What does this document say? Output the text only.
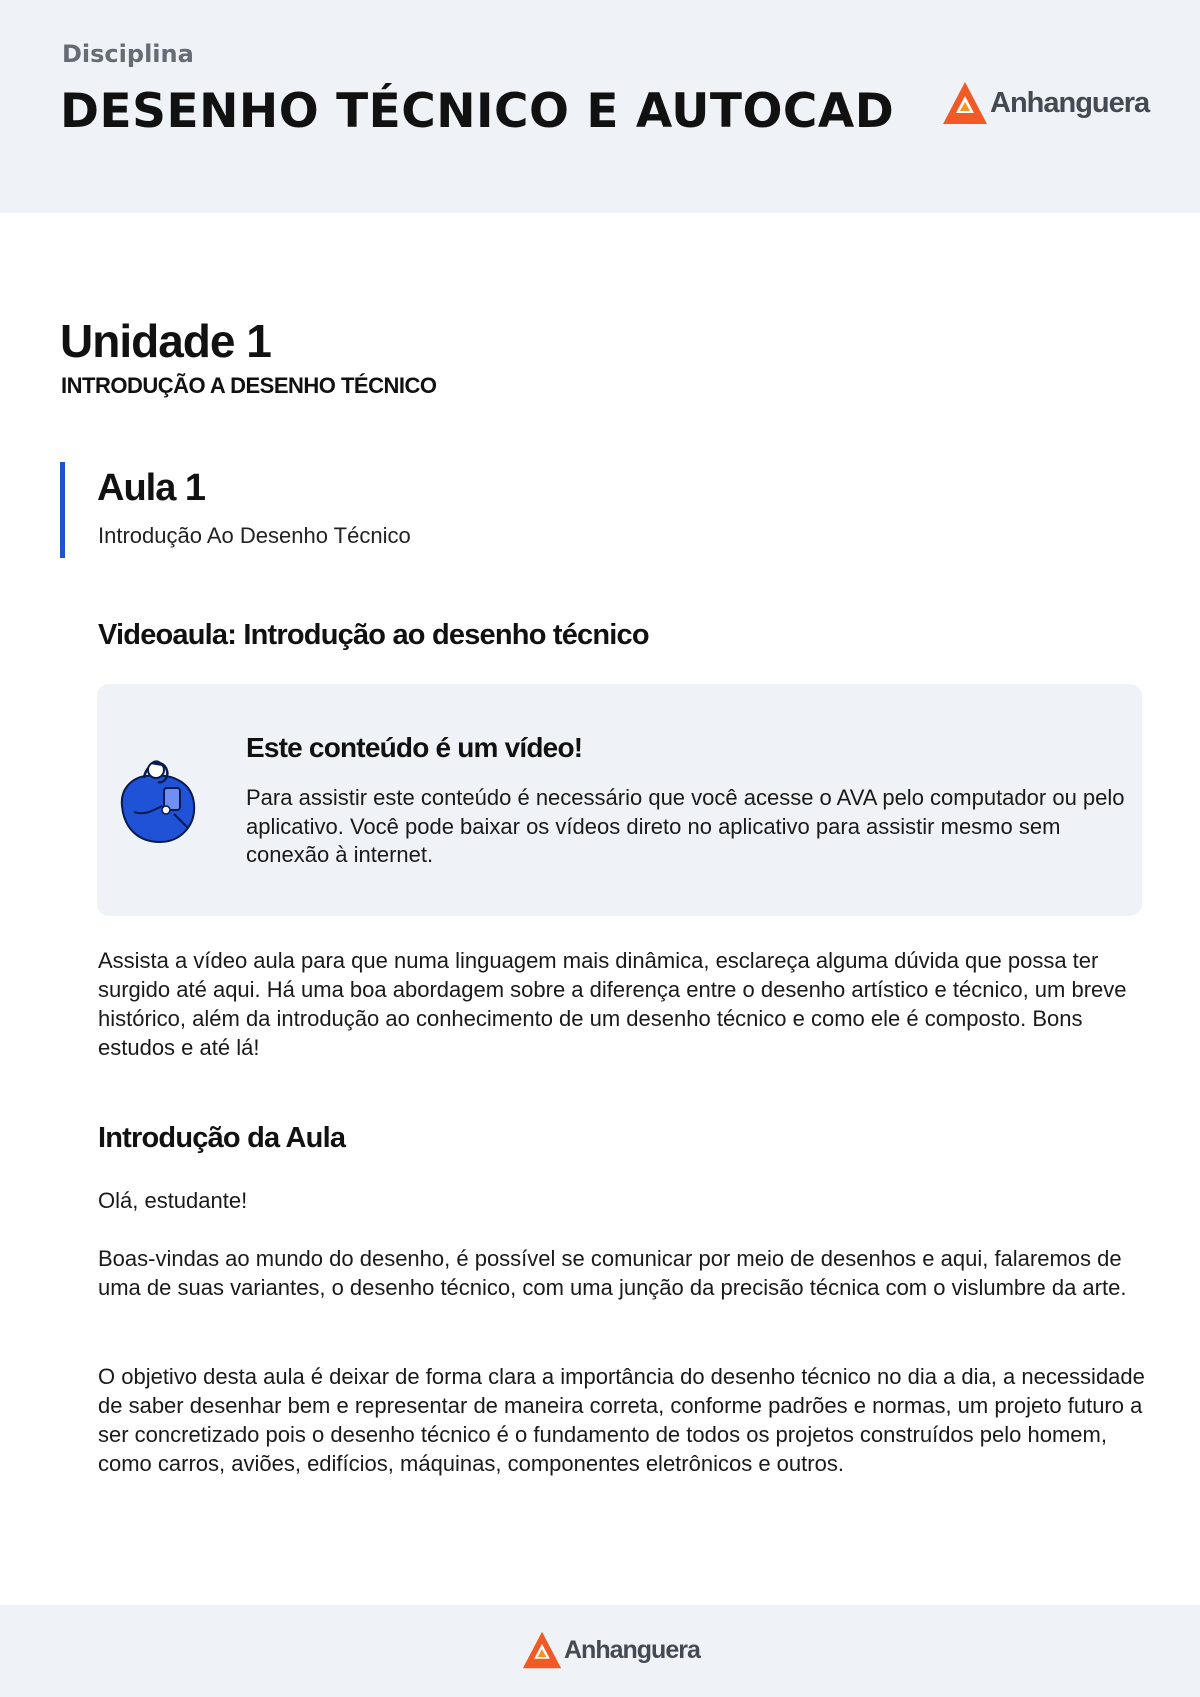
Disciplina
DESENHO TÉCNICO E AUTOCAD	Anhanguera
Unidade 1
INTRODUÇÃO A DESENHO TÉCNICO
Aula 1
Introdução Ao Desenho Técnico
Videoaula: Introdução ao desenho técnico
Este conteúdo é um vídeo!
Para assistir este conteúdo é necessário que você acesse o AVA pelo computador ou pelo aplicativo. Você pode baixar os vídeos direto no aplicativo para assistir mesmo sem conexão à internet.
Assista a vídeo aula para que numa linguagem mais dinâmica, esclareça alguma dúvida que possa ter surgido até aqui. Há uma boa abordagem sobre a diferença entre o desenho artístico e técnico, um breve histórico, além da introdução ao conhecimento de um desenho técnico e como ele é composto. Bons estudos e até lá!
Introdução da Aula
Olá, estudante!
Boas-vindas ao mundo do desenho, é possível se comunicar por meio de desenhos e aqui, falaremos de uma de suas variantes, o desenho técnico, com uma junção da precisão técnica com o vislumbre da arte.
O objetivo desta aula é deixar de forma clara a importância do desenho técnico no dia a dia, a necessidade de saber desenhar bem e representar de maneira correta, conforme padrões e normas, um projeto futuro a ser concretizado pois o desenho técnico é o fundamento de todos os projetos construídos pelo homem, como carros, aviões, edifícios, máquinas, componentes eletrônicos e outros.
Anhanguera
